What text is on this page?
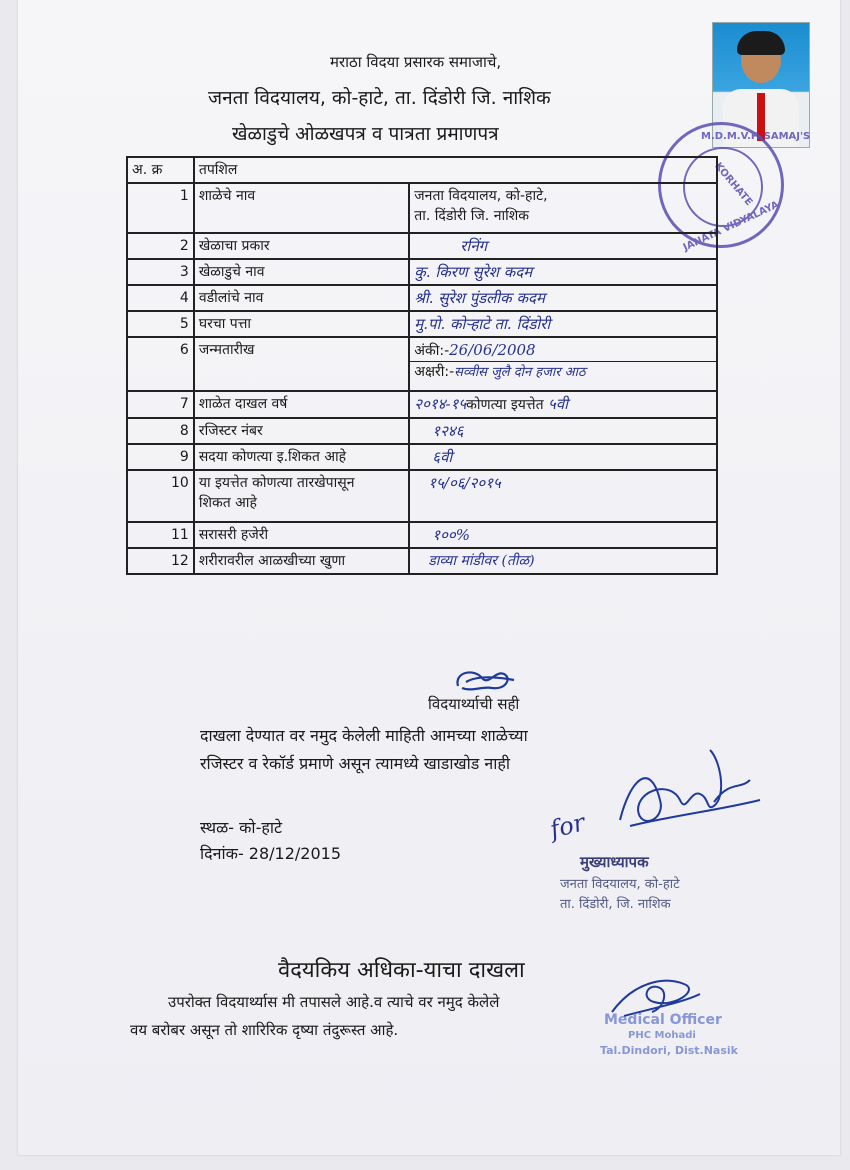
मराठा विदया प्रसारक समाजाचे,
जनता विदयालय, को-हाटे, ता. दिंडोरी जि. नाशिक
खेळाडुचे ओळखपत्र व पात्रता प्रमाणपत्र	M.D.M.V.P. SAMAJ'S
KORHATE
JANATA VIDYALAYA
अ. क्र	तपशिल	
1	शाळेचे नाव	जनता विदयालय, को-हाटे,
ता. दिंडोरी जि. नाशिक

2	खेळाचा प्रकार	रनिंग
3	खेळाडुचे नाव	कु. किरण सुरेश कदम
4	वडीलांचे नाव	श्री. सुरेश पुंडलीक कदम
5	घरचा पत्ता	मु.पो. कोऱ्हाटे ता. दिंडोरी
6	जन्मतारीख	अंकी:-26/06/2008
अक्षरी:-सव्वीस जुलै दोन हजार आठ

7	शाळेत दाखल वर्ष	२०१४-१५कोणत्या इयत्तेत ५वी
8	रजिस्टर नंबर	१२४६
9	सदया कोणत्या इ.शिकत आहे	६वी
10	या इयत्तेत कोणत्या तारखेपासून
शिकत आहे	१५/०६/२०१५
11	सरासरी हजेरी	१००%
12	शरीरावरील आळखीच्या खुणा	डाव्या मांडीवर (तीळ)
विदयार्थ्याची सही
दाखला देण्यात वर नमुद केलेली माहिती आमच्या शाळेच्या
रजिस्टर व रेकॉर्ड प्रमाणे असून त्यामध्ये खाडाखोड नाही
स्थळ- को-हाटे
दिनांक- 28/12/2015
for
मुख्याध्यापक
जनता विदयालय, को-हाटे
ता. दिंडोरी, जि. नाशिक
वैदयकिय अधिका-याचा दाखला
उपरोक्त विदयार्थ्यास मी तपासले आहे.व त्याचे वर नमुद केलेले
वय बरोबर असून तो शारिरिक दृष्या तंदुरूस्त आहे.
Medical Officer
PHC Mohadi
Tal.Dindori, Dist.Nasik
